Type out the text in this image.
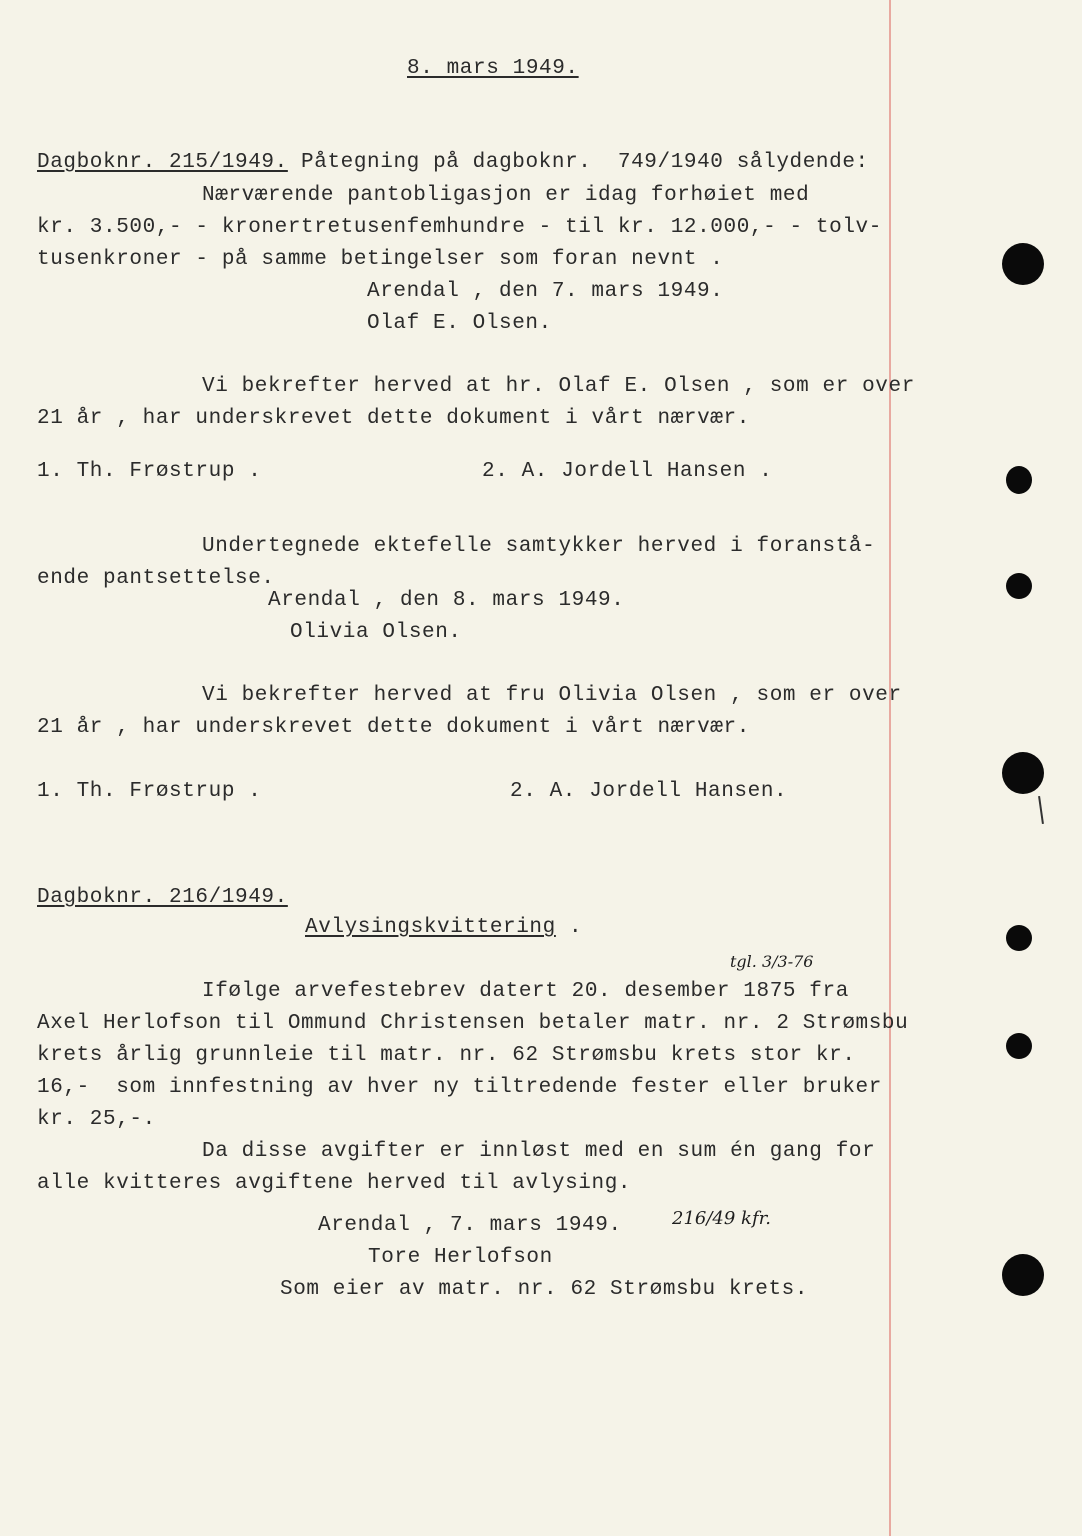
8. mars 1949.
Dagboknr. 215/1949. Påtegning på dagboknr.  749/1940 sålydende:
Nærværende pantobligasjon er idag forhøiet med
kr. 3.500,- - kronertretusenfemhundre - til kr. 12.000,- - tolv-
tusenkroner - på samme betingelser som foran nevnt .
Arendal , den 7. mars 1949.
Olaf E. Olsen.
Vi bekrefter herved at hr. Olaf E. Olsen , som er over
21 år , har underskrevet dette dokument i vårt nærvær.
1. Th. Frøstrup .	2. A. Jordell Hansen .
Undertegnede ektefelle samtykker herved i foranstå-
ende pantsettelse.
Arendal , den 8. mars 1949.
Olivia Olsen.
Vi bekrefter herved at fru Olivia Olsen , som er over
21 år , har underskrevet dette dokument i vårt nærvær.
1. Th. Frøstrup .	2. A. Jordell Hansen.
Dagboknr. 216/1949.
Avlysingskvittering .
tgl. 3/3-76
Ifølge arvefestebrev datert 20. desember 1875 fra
Axel Herlofson til Ommund Christensen betaler matr. nr. 2 Strømsbu
krets årlig grunnleie til matr. nr. 62 Strømsbu krets stor kr.
16,-  som innfestning av hver ny tiltredende fester eller bruker
kr. 25,-.
Da disse avgifter er innløst med en sum én gang for
alle kvitteres avgiftene herved til avlysing.
Arendal , 7. mars 1949.	216/49 kfr.
Tore Herlofson
Som eier av matr. nr. 62 Strømsbu krets.
